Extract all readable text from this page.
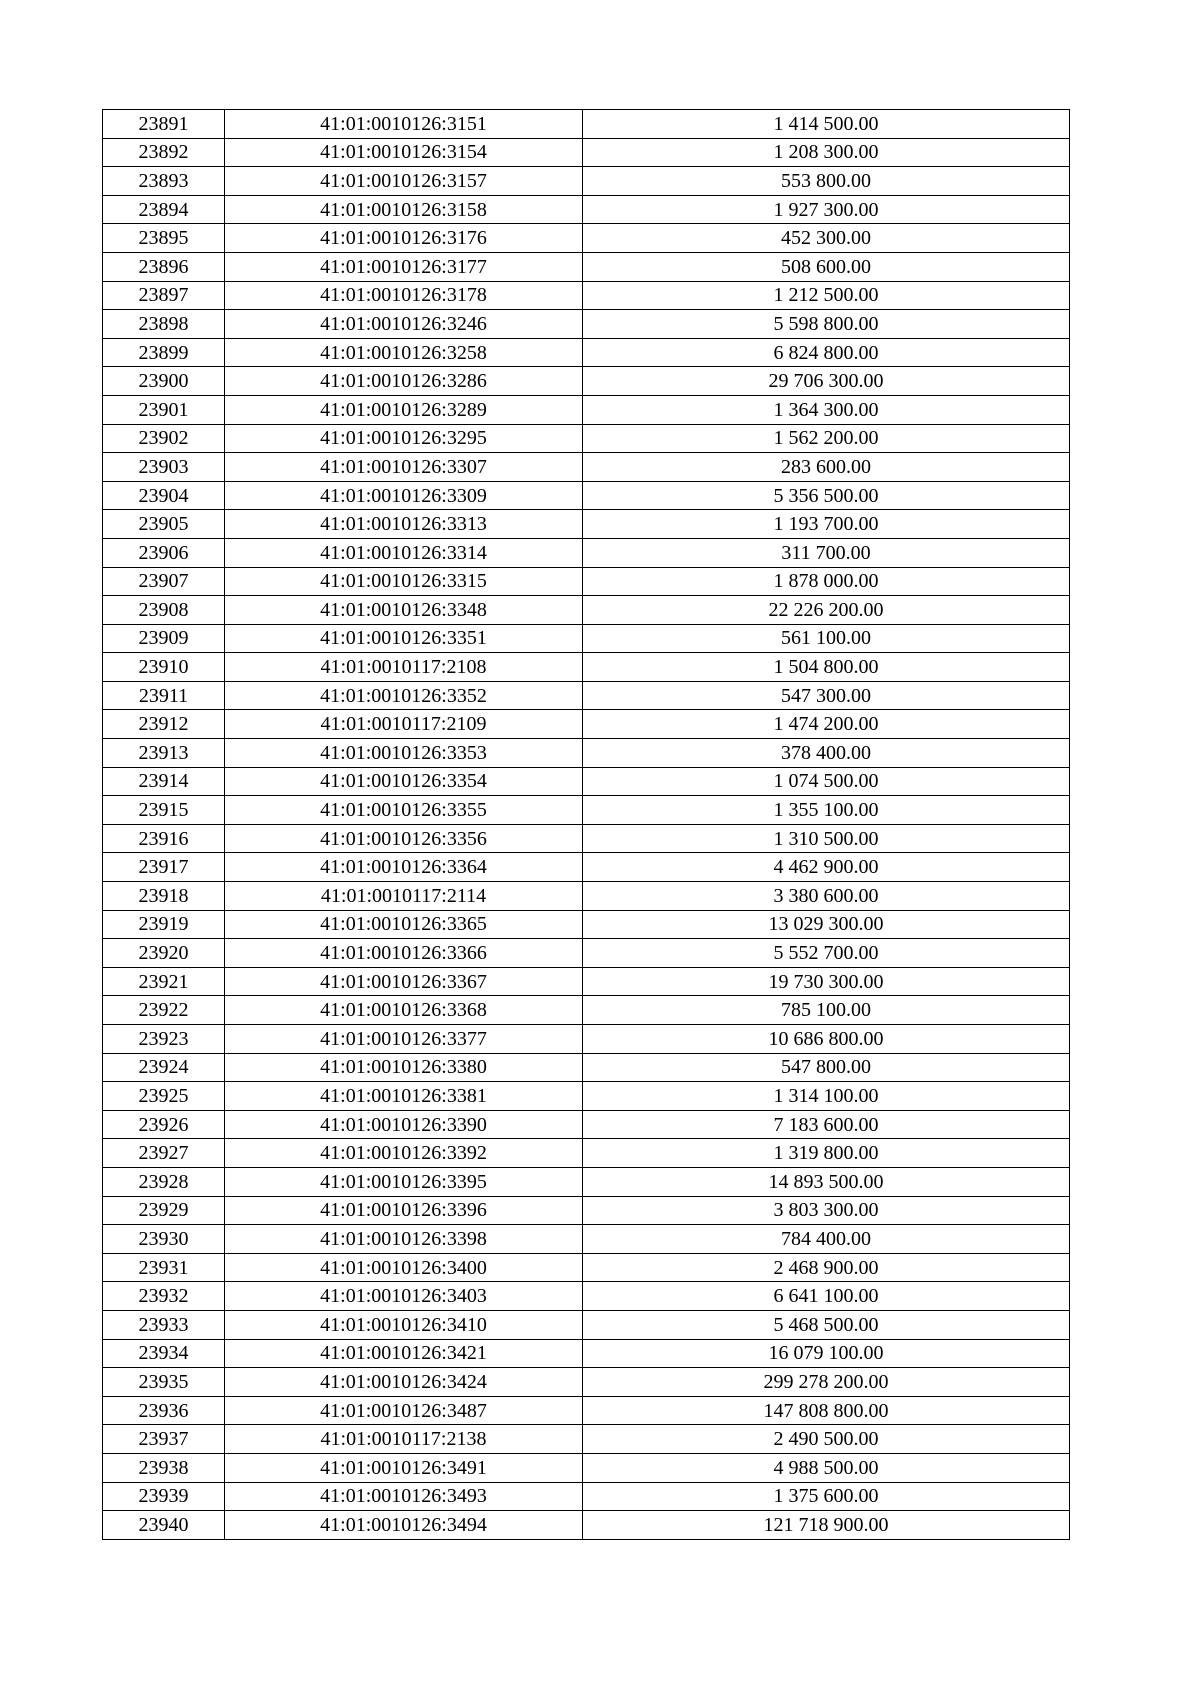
23891	41:01:0010126:3151	1 414 500.00
23892	41:01:0010126:3154	1 208 300.00
23893	41:01:0010126:3157	553 800.00
23894	41:01:0010126:3158	1 927 300.00
23895	41:01:0010126:3176	452 300.00
23896	41:01:0010126:3177	508 600.00
23897	41:01:0010126:3178	1 212 500.00
23898	41:01:0010126:3246	5 598 800.00
23899	41:01:0010126:3258	6 824 800.00
23900	41:01:0010126:3286	29 706 300.00
23901	41:01:0010126:3289	1 364 300.00
23902	41:01:0010126:3295	1 562 200.00
23903	41:01:0010126:3307	283 600.00
23904	41:01:0010126:3309	5 356 500.00
23905	41:01:0010126:3313	1 193 700.00
23906	41:01:0010126:3314	311 700.00
23907	41:01:0010126:3315	1 878 000.00
23908	41:01:0010126:3348	22 226 200.00
23909	41:01:0010126:3351	561 100.00
23910	41:01:0010117:2108	1 504 800.00
23911	41:01:0010126:3352	547 300.00
23912	41:01:0010117:2109	1 474 200.00
23913	41:01:0010126:3353	378 400.00
23914	41:01:0010126:3354	1 074 500.00
23915	41:01:0010126:3355	1 355 100.00
23916	41:01:0010126:3356	1 310 500.00
23917	41:01:0010126:3364	4 462 900.00
23918	41:01:0010117:2114	3 380 600.00
23919	41:01:0010126:3365	13 029 300.00
23920	41:01:0010126:3366	5 552 700.00
23921	41:01:0010126:3367	19 730 300.00
23922	41:01:0010126:3368	785 100.00
23923	41:01:0010126:3377	10 686 800.00
23924	41:01:0010126:3380	547 800.00
23925	41:01:0010126:3381	1 314 100.00
23926	41:01:0010126:3390	7 183 600.00
23927	41:01:0010126:3392	1 319 800.00
23928	41:01:0010126:3395	14 893 500.00
23929	41:01:0010126:3396	3 803 300.00
23930	41:01:0010126:3398	784 400.00
23931	41:01:0010126:3400	2 468 900.00
23932	41:01:0010126:3403	6 641 100.00
23933	41:01:0010126:3410	5 468 500.00
23934	41:01:0010126:3421	16 079 100.00
23935	41:01:0010126:3424	299 278 200.00
23936	41:01:0010126:3487	147 808 800.00
23937	41:01:0010117:2138	2 490 500.00
23938	41:01:0010126:3491	4 988 500.00
23939	41:01:0010126:3493	1 375 600.00
23940	41:01:0010126:3494	121 718 900.00
